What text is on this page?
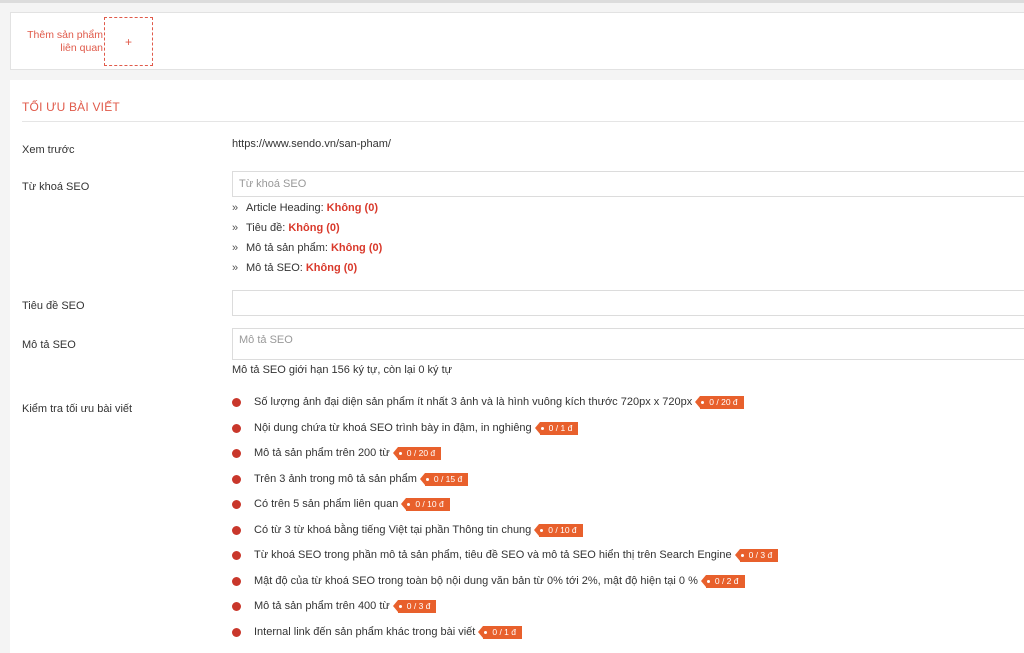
Thêm sản phẩm liên quan	+
TỐI ƯU BÀI VIẾT
Xem trước	https://www.sendo.vn/san-pham/
Từ khoá SEO
Từ khoá SEO
» Article Heading: Không (0)
» Tiêu đề: Không (0)
» Mô tả sản phẩm: Không (0)
» Mô tả SEO: Không (0)
Tiêu đề SEO
Mô tả SEO
Mô tả SEO
Mô tả SEO giới hạn 156 ký tự, còn lại 0 ký tự
Kiểm tra tối ưu bài viết
Số lượng ảnh đại diện sản phẩm ít nhất 3 ảnh và là hình vuông kích thước 720px x 720px	0 / 20 đ
Nội dung chứa từ khoá SEO trình bày in đậm, in nghiêng	0 / 1 đ
Mô tả sản phẩm trên 200 từ	0 / 20 đ
Trên 3 ảnh trong mô tả sản phẩm	0 / 15 đ
Có trên 5 sản phẩm liên quan	0 / 10 đ
Có từ 3 từ khoá bằng tiếng Việt tại phần Thông tin chung	0 / 10 đ
Từ khoá SEO trong phần mô tả sản phẩm, tiêu đề SEO và mô tả SEO hiển thị trên Search Engine	0 / 3 đ
Mật độ của từ khoá SEO trong toàn bộ nội dung văn bản từ 0% tới 2%, mật độ hiện tại 0 %	0 / 2 đ
Mô tả sản phẩm trên 400 từ	0 / 3 đ
Internal link đến sản phẩm khác trong bài viết	0 / 1 đ
